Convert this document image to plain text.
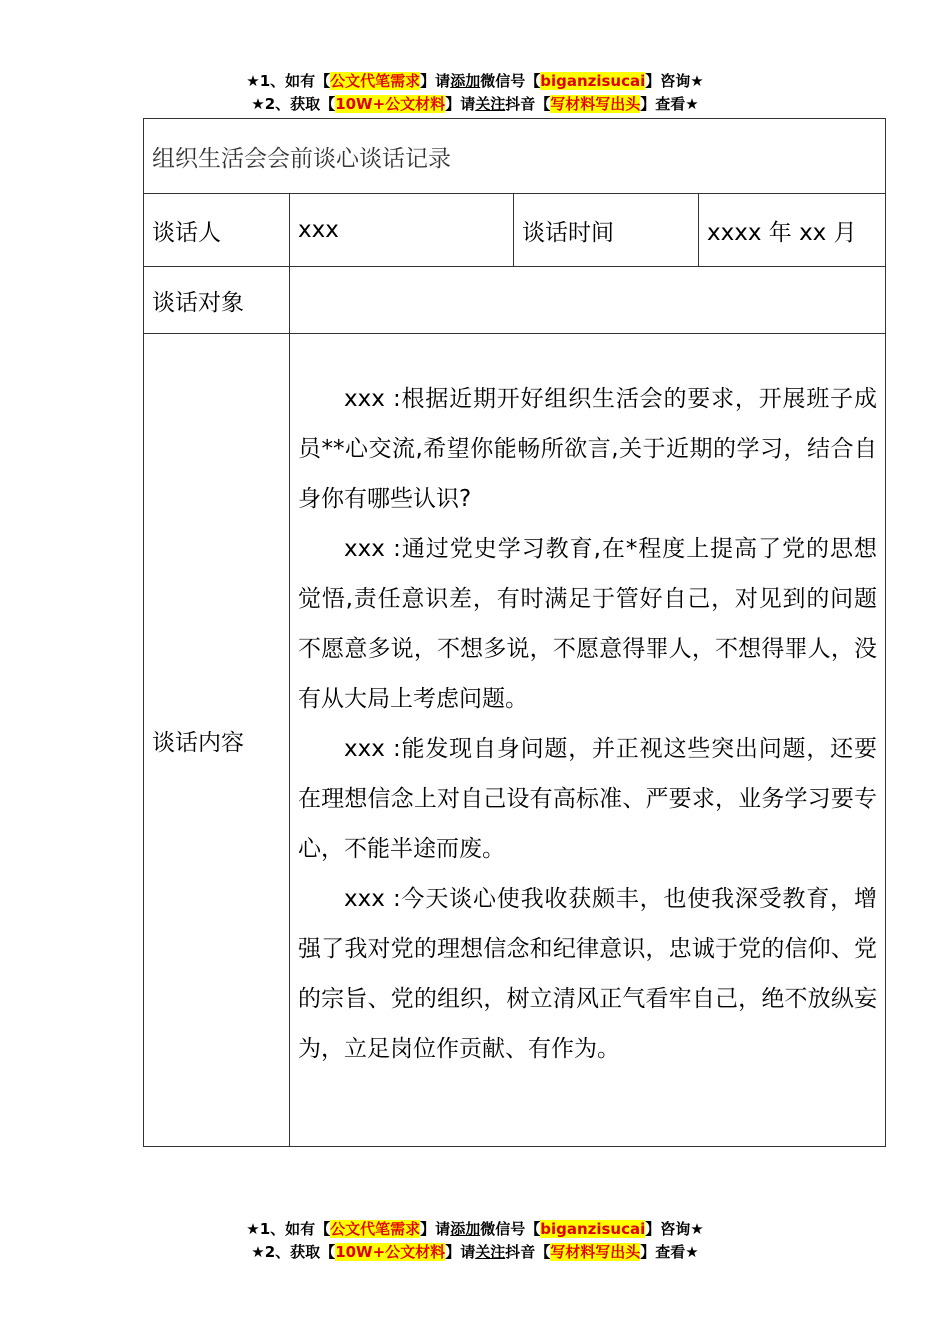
★1、如有【公文代笔需求】请添加微信号【biganzisucai】咨询★
★2、获取【10W+公文材料】请关注抖音【写材料写出头】查看★
组织生活会会前谈心谈话记录			
谈话人	xxx	谈话时间	xxxx 年 xx 月
谈话对象			
谈话内容	xxx :根据近期开好组织生活会的要求，开展班子成员**心交流,希望你能畅所欲言,关于近期的学习，结合自身你有哪些认识?

xxx :通过党史学习教育,在*程度上提高了党的思想觉悟,责任意识差，有时满足于管好自己，对见到的问题不愿意多说，不想多说，不愿意得罪人，不想得罪人，没有从大局上考虑问题。

xxx :能发现自身问题，并正视这些突出问题，还要在理想信念上对自己设有高标准、严要求，业务学习要专心，不能半途而废。

xxx :今天谈心使我收获颇丰，也使我深受教育，增强了我对党的理想信念和纪律意识，忠诚于党的信仰、党的宗旨、党的组织，树立清风正气看牢自己，绝不放纵妄为，立足岗位作贡献、有作为。		

★1、如有【公文代笔需求】请添加微信号【biganzisucai】咨询★
★2、获取【10W+公文材料】请关注抖音【写材料写出头】查看★
